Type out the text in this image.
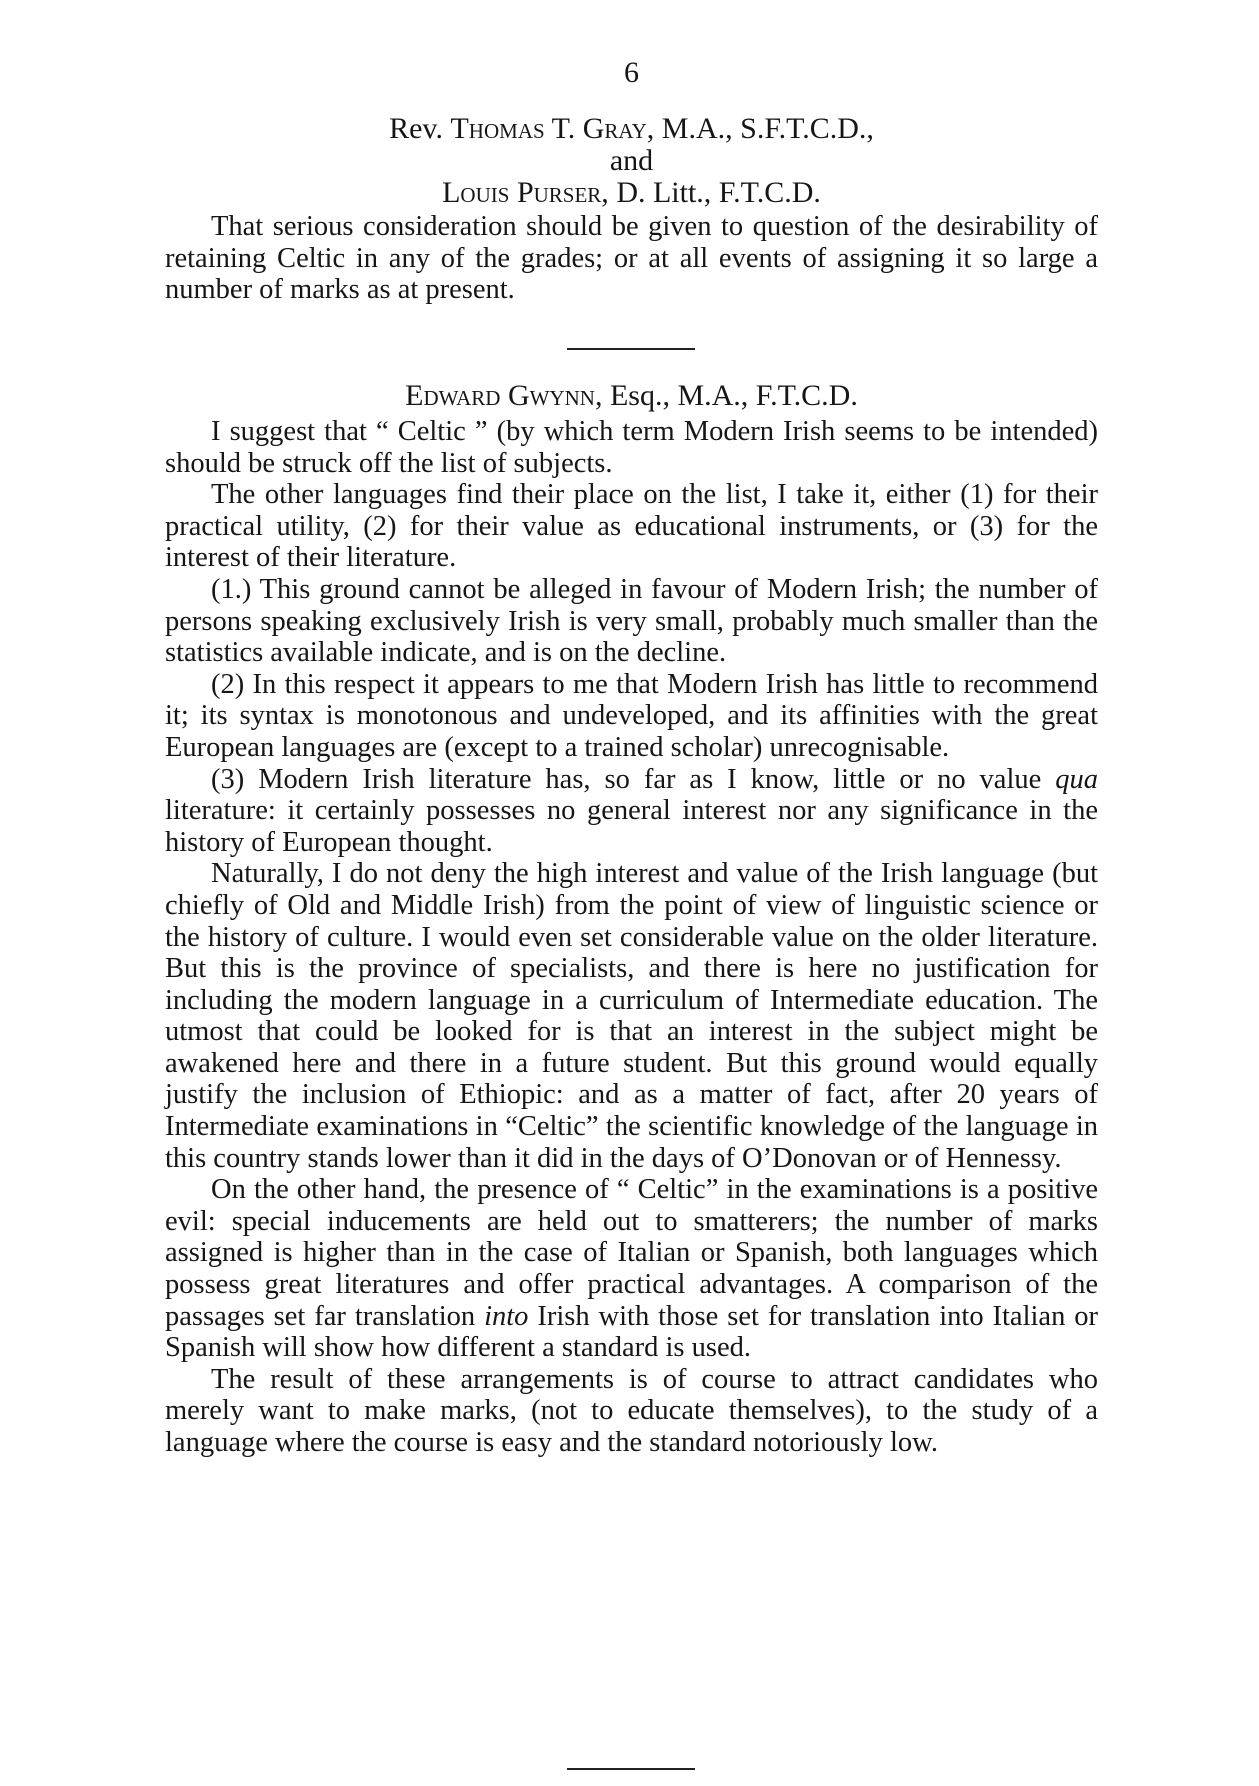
6
Rev. Thomas T. Gray, M.A., S.F.T.C.D.,
and
Louis Purser, D. Litt., F.T.C.D.

That serious consideration should be given to question of the desirability of retaining Celtic in any of the grades; or at all events of assigning it so large a number of marks as at present.

Edward Gwynn, Esq., M.A., F.T.C.D.

I suggest that “ Celtic ” (by which term Modern Irish seems to be intended) should be struck off the list of subjects.

The other languages find their place on the list, I take it, either (1) for their practical utility, (2) for their value as educational instruments, or (3) for the interest of their literature.

(1.) This ground cannot be alleged in favour of Modern Irish; the number of persons speaking exclusively Irish is very small, probably much smaller than the statistics available indicate, and is on the decline.

(2) In this respect it appears to me that Modern Irish has little to recommend it; its syntax is monotonous and undeveloped, and its affinities with the great European languages are (except to a trained scholar) unrecognisable.

(3) Modern Irish literature has, so far as I know, little or no value qua literature: it certainly possesses no general interest nor any significance in the history of European thought.

Naturally, I do not deny the high interest and value of the Irish language (but chiefly of Old and Middle Irish) from the point of view of linguistic science or the history of culture. I would even set considerable value on the older literature. But this is the province of specialists, and there is here no justification for including the modern language in a curriculum of Intermediate education. The utmost that could be looked for is that an interest in the subject might be awakened here and there in a future student. But this ground would equally justify the inclusion of Ethiopic: and as a matter of fact, after 20 years of Intermediate examinations in “Celtic” the scientific knowledge of the language in this country stands lower than it did in the days of O’Donovan or of Hennessy.

On the other hand, the presence of “ Celtic” in the examinations is a positive evil: special inducements are held out to smatterers; the number of marks assigned is higher than in the case of Italian or Spanish, both languages which possess great literatures and offer practical advantages. A comparison of the passages set far translation into Irish with those set for translation into Italian or Spanish will show how different a standard is used.

The result of these arrangements is of course to attract candidates who merely want to make marks, (not to educate themselves), to the study of a language where the course is easy and the standard notoriously low.
